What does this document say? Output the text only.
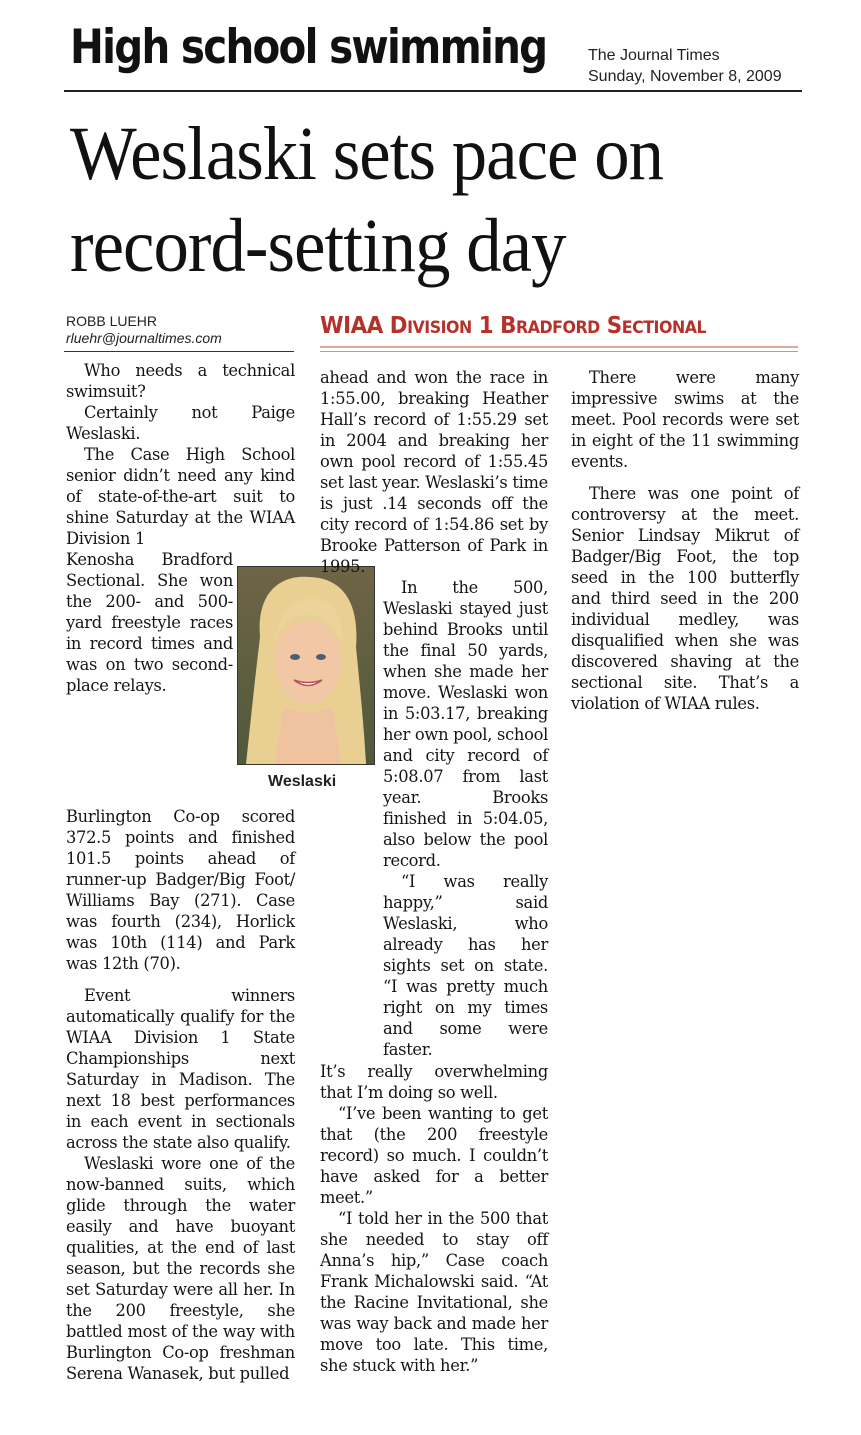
High school swimming	The Journal Times
Sunday, November 8, 2009
Weslaski sets pace on record-setting day
ROBB LUEHR
rluehr@journaltimes.com	WIAA DIVISION 1 BRADFORD SECTIONAL

Who needs a technical swimsuit?

Certainly not Paige Weslaski.

The Case High School senior didn’t need any kind of state-of-the-art suit to shine Saturday at the WIAA Division 1

Kenosha Bradford Sectional. She won the 200- and 500-yard freestyle races in record times and was on two second-place relays.

Burlington Co-op scored 372.5 points and finished 101.5 points ahead of runner-up Badger/Big Foot/ Williams Bay (271). Case was fourth (234), Horlick was 10th (114) and Park was 12th (70).

Event winners automatically qualify for the WIAA Division 1 State Championships next Saturday in Madison. The next 18 best performances in each event in sectionals across the state also qualify.

Weslaski wore one of the now-banned suits, which glide through the water easily and have buoyant qualities, at the end of last season, but the records she set Saturday were all her. In the 200 freestyle, she battled most of the way with Burlington Co-op freshman Serena Wanasek, but pulled

Weslaski

ahead and won the race in 1:55.00, breaking Heather Hall’s record of 1:55.29 set in 2004 and breaking her own pool record of 1:55.45 set last year. Weslaski’s time is just .14 seconds off the city record of 1:54.86 set by Brooke Patterson of Park in 1995.

In the 500, Weslaski stayed just behind Brooks until the final 50 yards, when she made her move. Weslaski won in 5:03.17, breaking her own pool, school and city record of 5:08.07 from last year. Brooks finished in 5:04.05, also below the pool record.

“I was really happy,” said Weslaski, who already has her sights set on state. “I was pretty much right on my times and some were faster.

It’s really overwhelming that I’m doing so well.

“I’ve been wanting to get that (the 200 freestyle record) so much. I couldn’t have asked for a better meet.”

“I told her in the 500 that she needed to stay off Anna’s hip,” Case coach Frank Michalowski said. “At the Racine Invitational, she was way back and made her move too late. This time, she stuck with her.”

There were many impressive swims at the meet. Pool records were set in eight of the 11 swimming events.

There was one point of controversy at the meet. Senior Lindsay Mikrut of Badger/Big Foot, the top seed in the 100 butterfly and third seed in the 200 individual medley, was disqualified when she was discovered shaving at the sectional site. That’s a violation of WIAA rules.
